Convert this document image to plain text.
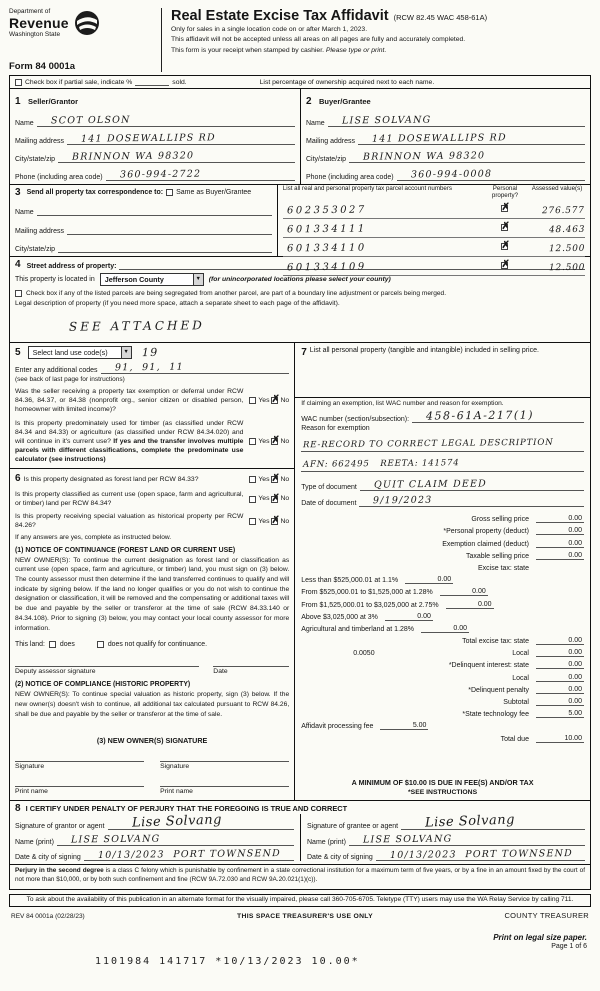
Department of
Revenue
Washington State
Form 84 0001a
Real Estate Excise Tax Affidavit (RCW 82.45 WAC 458-61A)
Only for sales in a single location code on or after March 1, 2023.
This affidavit will not be accepted unless all areas on all pages are fully and accurately completed.
This form is your receipt when stamped by cashier. Please type or print.
Check box if partial sale, indicate %	sold.	List percentage of ownership acquired next to each name.
1 Seller/Grantor
Name	SCOT OLSON
Mailing address	141 DOSEWALLIPS RD
City/state/zip	BRINNON WA 98320
Phone (including area code)	360-994-2722
2 Buyer/Grantee
Name	LISE SOLVANG
Mailing address	141 DOSEWALLIPS RD
City/state/zip	BRINNON WA 98320
Phone (including area code)	360-994-0008
3 Send all property tax correspondence to: Same as Buyer/Grantee
Name
Mailing address
City/state/zip
List all real and personal property tax parcel account numbers	Personal property?
Assessed value(s)
602353027	✗	276.577
601334111	✗	48.463
601334110	✗	12.500
601334109	✗	12.500
4 Street address of property:
This property is located in	Jefferson County	▼ (for unincorporated locations please select your county)
Check box if any of the listed parcels are being segregated from another parcel, are part of a boundary line adjustment or parcels being merged.
Legal description of property (if you need more space, attach a separate sheet to each page of the affidavit).
SEE ATTACHED
5	Select land use code(s)	▼ 19
Enter any additional codes	91,  91,  11
(see back of last page for instructions)
Was the seller receiving a property tax exemption or deferral under RCW 84.36, 84.37, or 84.38 (nonprofit org., senior citizen or disabled person, homeowner with limited income)?
Yes ✗ No
Is this property predominately used for timber (as classified under RCW 84.34 and 84.33) or agriculture (as classified under RCW 84.34.020) and will continue in it's current use? If yes and the transfer involves multiple parcels with different classifications, complete the predominate use calculator (see instructions)
Yes ✗ No
6 Is this property designated as forest land per RCW 84.33?	Yes ✗ No
Is this property classified as current use (open space, farm and agricultural, or timber) land per RCW 84.34?
Yes ✗ No
Is this property receiving special valuation as historical property per RCW 84.26?
Yes ✗ No
If any answers are yes, complete as instructed below.
(1) NOTICE OF CONTINUANCE (FOREST LAND OR CURRENT USE)
NEW OWNER(S): To continue the current designation as forest land or classification as current use (open space, farm and agriculture, or timber) land, you must sign on (3) below. The county assessor must then determine if the land transferred continues to qualify and will indicate by signing below. If the land no longer qualifies or you do not wish to continue the designation or classification, it will be removed and the compensating or additional taxes will be due and payable by the seller or transferor at the time of sale (RCW 84.33.140 or 84.34.108). Prior to signing (3) below, you may contact your local county assessor for more information.
This land: does	does not qualify for continuance.
Deputy assessor signature	Date
(2) NOTICE OF COMPLIANCE (HISTORIC PROPERTY)
NEW OWNER(S): To continue special valuation as historic property, sign (3) below. If the new owner(s) doesn't wish to continue, all additional tax calculated pursuant to RCW 84.26, shall be due and payable by the seller or transferor at the time of sale.
(3) NEW OWNER(S) SIGNATURE
Signature	Signature
Print name	Print name
7 List all personal property (tangible and intangible) included in selling price.
If claiming an exemption, list WAC number and reason for exemption.
WAC number (section/subsection):	458-61A-217(1)
Reason for exemption
RE-RECORD TO CORRECT LEGAL DESCRIPTION
AFN: 662495   REETA: 141574
Type of document	QUIT CLAIM DEED
Date of document	9/19/2023
Gross selling price	0.00
*Personal property (deduct)	0.00
Exemption claimed (deduct)	0.00
Taxable selling price	0.00
Excise tax: state
Less than $525,000.01 at 1.1%	0.00
From $525,000.01 to $1,525,000 at 1.28%	0.00
From $1,525,000.01 to $3,025,000 at 2.75%	0.00
Above $3,025,000 at 3%	0.00
Agricultural and timberland at 1.28%	0.00
Total excise tax: state	0.00
0.0050	Local	0.00
*Delinquent interest: state	0.00
Local	0.00
*Delinquent penalty	0.00
Subtotal	0.00
*State technology fee	5.00
Affidavit processing fee	5.00
Total due	10.00
A MINIMUM OF $10.00 IS DUE IN FEE(S) AND/OR TAX
*SEE INSTRUCTIONS
8 I CERTIFY UNDER PENALTY OF PERJURY THAT THE FOREGOING IS TRUE AND CORRECT
Signature of grantor or agent	Lise Solvang
Name (print)	LISE SOLVANG
Date & city of signing	10/13/2023  PORT TOWNSEND
Signature of grantee or agent	Lise Solvang
Name (print)	LISE SOLVANG
Date & city of signing	10/13/2023  PORT TOWNSEND
Perjury in the second degree is a class C felony which is punishable by confinement in a state correctional institution for a maximum term of five years, or by a fine in an amount fixed by the court of not more than $10,000, or by both such confinement and fine (RCW 9A.72.030 and RCW 9A.20.021(1)(c)).
To ask about the availability of this publication in an alternate format for the visually impaired, please call 360-705-6705. Teletype (TTY) users may use the WA Relay Service by calling 711.
REV 84 0001a (02/28/23)	THIS SPACE TREASURER'S USE ONLY	COUNTY TREASURER
Print on legal size paper.
Page 1 of 6
1101984 141717 *10/13/2023 10.00*
